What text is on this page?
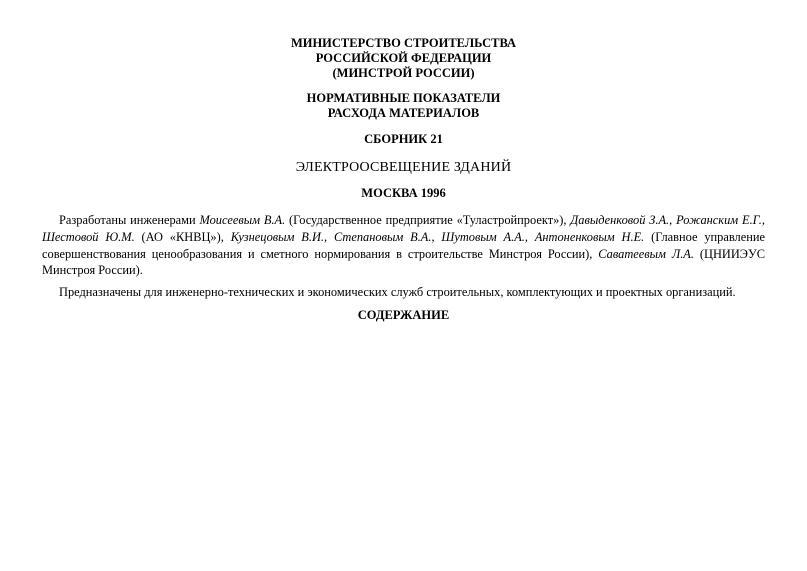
МИНИСТЕРСТВО СТРОИТЕЛЬСТВА
РОССИЙСКОЙ ФЕДЕРАЦИИ
(МИНСТРОЙ РОССИИ)
НОРМАТИВНЫЕ ПОКАЗАТЕЛИ
РАСХОДА МАТЕРИАЛОВ
СБОРНИК 21
ЭЛЕКТРООСВЕЩЕНИЕ ЗДАНИЙ
МОСКВА 1996

Разработаны инженерами Моисеевым В.А. (Государственное предприятие «Туластройпроект»), Давыденковой З.А., Рожанским Е.Г., Шестовой Ю.М. (АО «КНВЦ»), Кузнецовым В.И., Степановым В.А., Шутовым А.А., Антоненковым Н.Е. (Главное управление совершенствования ценообразования и сметного нормирования в строительстве Минстроя России), Саватеевым Л.А. (ЦНИИЭУС Минстроя России).

Предназначены для инженерно-технических и экономических служб строительных, комплектующих и проектных организаций.

СОДЕРЖАНИЕ
